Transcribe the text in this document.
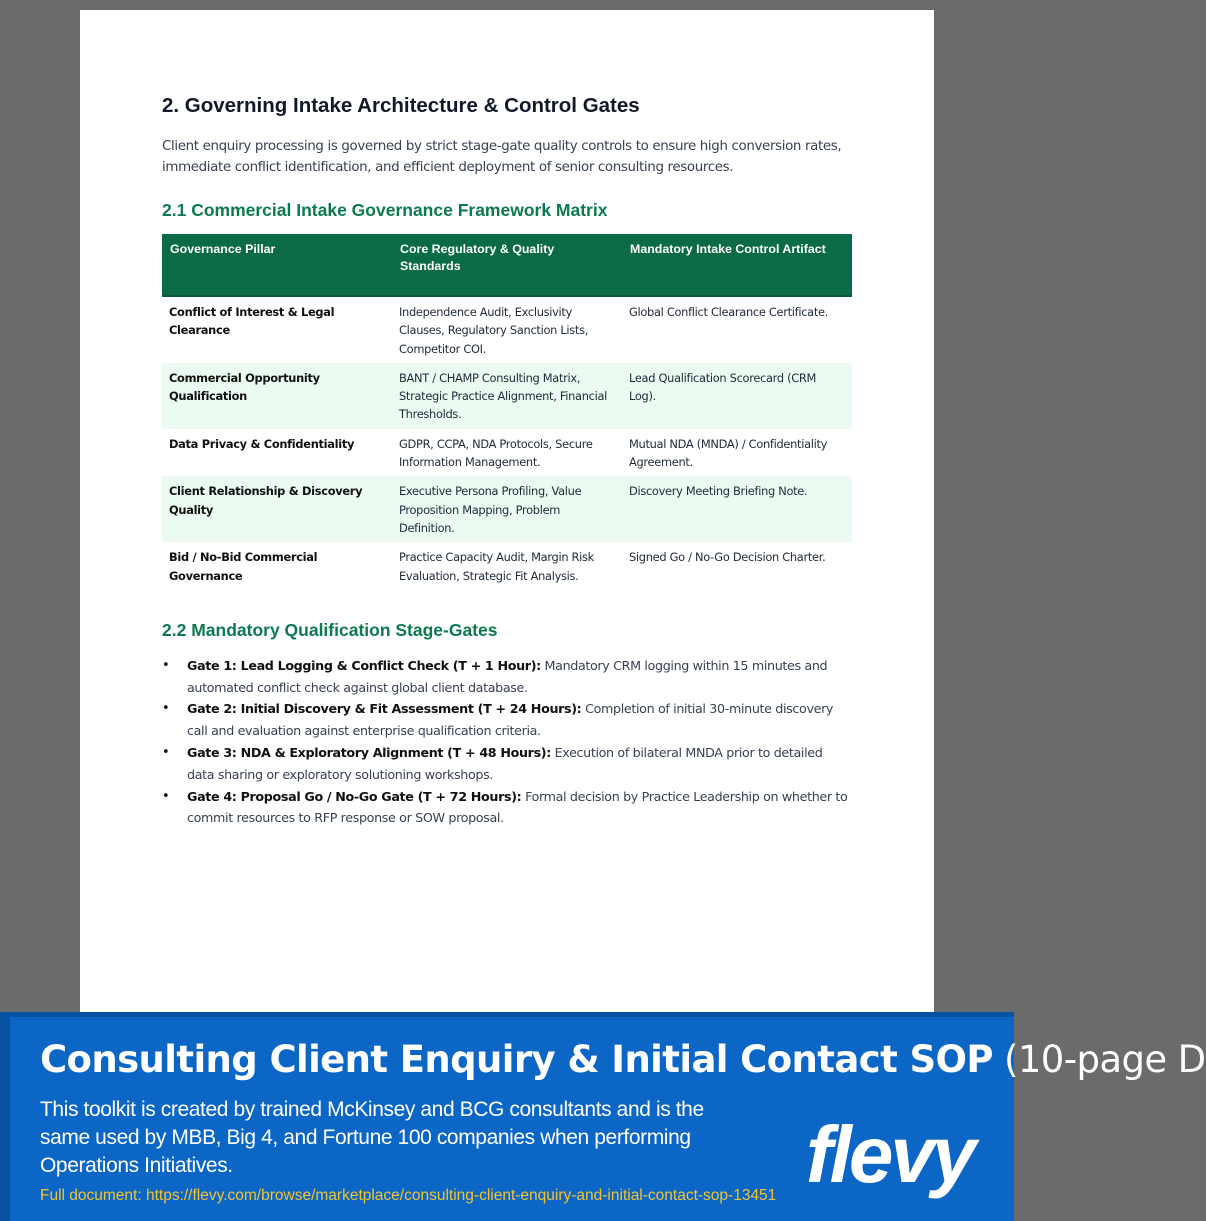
2. Governing Intake Architecture & Control Gates

Client enquiry processing is governed by strict stage-gate quality controls to ensure high conversion rates, immediate conflict identification, and efficient deployment of senior consulting resources.

2.1 Commercial Intake Governance Framework Matrix
Governance Pillar	Core Regulatory & Quality Standards	Mandatory Intake Control Artifact
Conflict of Interest & Legal Clearance	Independence Audit, Exclusivity Clauses, Regulatory Sanction Lists, Competitor COI.	Global Conflict Clearance Certificate.
Commercial Opportunity Qualification	BANT / CHAMP Consulting Matrix, Strategic Practice Alignment, Financial Thresholds.	Lead Qualification Scorecard (CRM Log).
Data Privacy & Confidentiality	GDPR, CCPA, NDA Protocols, Secure Information Management.	Mutual NDA (MNDA) / Confidentiality Agreement.
Client Relationship & Discovery Quality	Executive Persona Profiling, Value Proposition Mapping, Problem Definition.	Discovery Meeting Briefing Note.
Bid / No-Bid Commercial Governance	Practice Capacity Audit, Margin Risk Evaluation, Strategic Fit Analysis.	Signed Go / No-Go Decision Charter.
2.2 Mandatory Qualification Stage-Gates
• Gate 1: Lead Logging & Conflict Check (T + 1 Hour): Mandatory CRM logging within 15 minutes and automated conflict check against global client database.
• Gate 2: Initial Discovery & Fit Assessment (T + 24 Hours): Completion of initial 30-minute discovery call and evaluation against enterprise qualification criteria.
• Gate 3: NDA & Exploratory Alignment (T + 48 Hours): Execution of bilateral MNDA prior to detailed data sharing or exploratory solutioning workshops.
• Gate 4: Proposal Go / No-Go Gate (T + 72 Hours): Formal decision by Practice Leadership on whether to commit resources to RFP response or SOW proposal.
Consulting Client Enquiry & Initial Contact SOP (10-page D
This toolkit is created by trained McKinsey and BCG consultants and is the same used by MBB, Big 4, and Fortune 100 companies when performing Operations Initiatives.
Full document: https://flevy.com/browse/marketplace/consulting-client-enquiry-and-initial-contact-sop-13451 flevy
